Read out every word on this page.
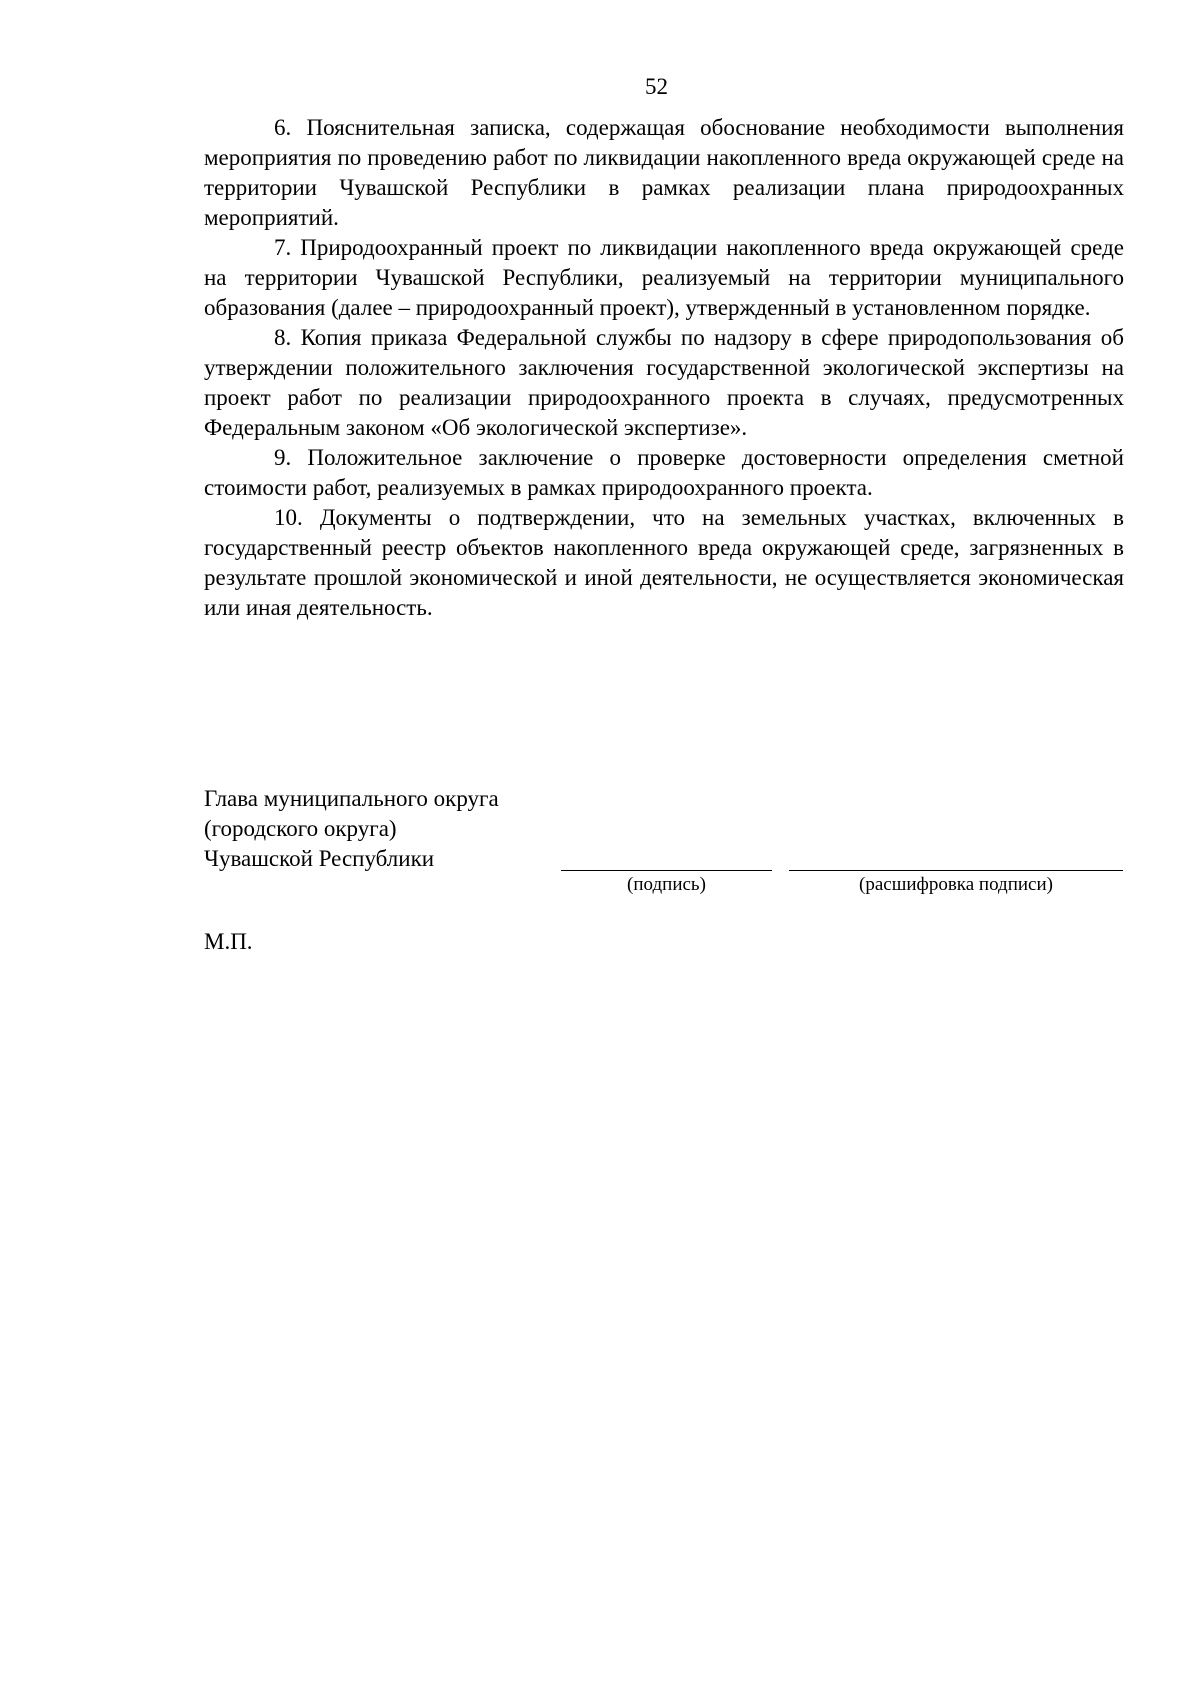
52

6. Пояснительная записка, содержащая обоснование необходимости выполнения мероприятия по проведению работ по ликвидации накопленного вреда окружающей среде на территории Чувашской Республики в рамках реализации плана природоохранных мероприятий.

7. Природоохранный проект по ликвидации накопленного вреда окружающей среде на территории Чувашской Республики, реализуемый на территории муниципального образования (далее – природоохранный проект), утвержденный в установленном порядке.

8. Копия приказа Федеральной службы по надзору в сфере природопользования об утверждении положительного заключения государственной экологической экспертизы на проект работ по реализации природоохранного проекта в случаях, предусмотренных Федеральным законом «Об экологической экспертизе».

9. Положительное заключение о проверке достоверности определения сметной стоимости работ, реализуемых в рамках природоохранного проекта.

10. Документы о подтверждении, что на земельных участках, включенных в государственный реестр объектов накопленного вреда окружающей среде, загрязненных в результате прошлой экономической и иной деятельности, не осуществляется экономическая или иная деятельность.

Глава муниципального округа
(городского округа)
Чувашской Республики
(подпись)	(расшифровка подписи)
М.П.
